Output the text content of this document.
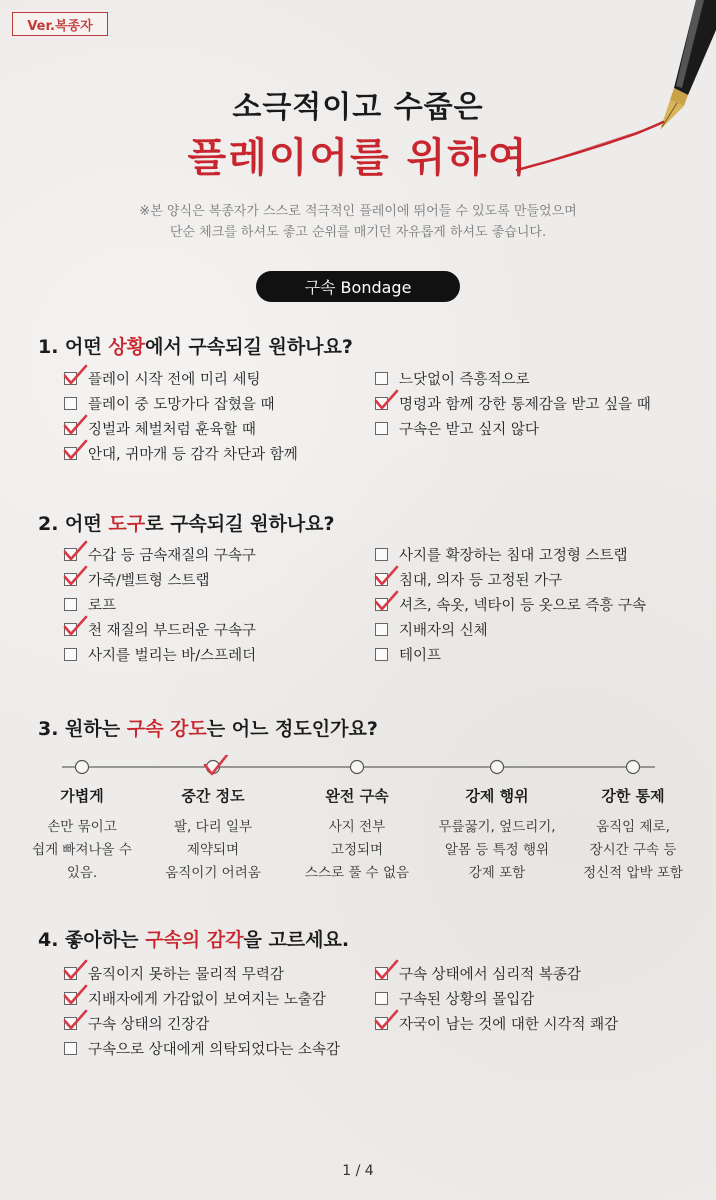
Ver.복종자
소극적이고 수줍은
플레이어를 위하여
※본 양식은 복종자가 스스로 적극적인 플레이에 뛰어들 수 있도록 만들었으며
단순 체크를 하셔도 좋고 순위를 매기던 자유롭게 하셔도 좋습니다.
구속 Bondage
1. 어떤 상황에서 구속되길 원하나요?
플레이 시작 전에 미리 세팅
플레이 중 도망가다 잡혔을 때
징벌과 체벌처럼 훈육할 때
안대, 귀마개 등 감각 차단과 함께
느닷없이 즉흥적으로
명령과 함께 강한 통제감을 받고 싶을 때
구속은 받고 싶지 않다
2. 어떤 도구로 구속되길 원하나요?
수갑 등 금속재질의 구속구
가죽/벨트형 스트랩
로프
천 재질의 부드러운 구속구
사지를 벌리는 바/스프레더
사지를 확장하는 침대 고정형 스트랩
침대, 의자 등 고정된 가구
셔츠, 속옷, 넥타이 등 옷으로 즉흥 구속
지배자의 신체
테이프
3. 원하는 구속 강도는 어느 정도인가요?
가볍게
손만 묶이고
쉽게 빠져나올 수
있음.
중간 정도
팔, 다리 일부
제약되며
움직이기 어려움
완전 구속
사지 전부
고정되며
스스로 풀 수 없음
강제 행위
무릎꿇기, 엎드리기,
알몸 등 특정 행위
강제 포함
강한 통제
움직임 제로,
장시간 구속 등
정신적 압박 포함
4. 좋아하는 구속의 감각을 고르세요.
움직이지 못하는 물리적 무력감
지배자에게 가감없이 보여지는 노출감
구속 상태의 긴장감
구속으로 상대에게 의탁되었다는 소속감
구속 상태에서 심리적 복종감
구속된 상황의 몰입감
자국이 남는 것에 대한 시각적 쾌감
1 / 4
